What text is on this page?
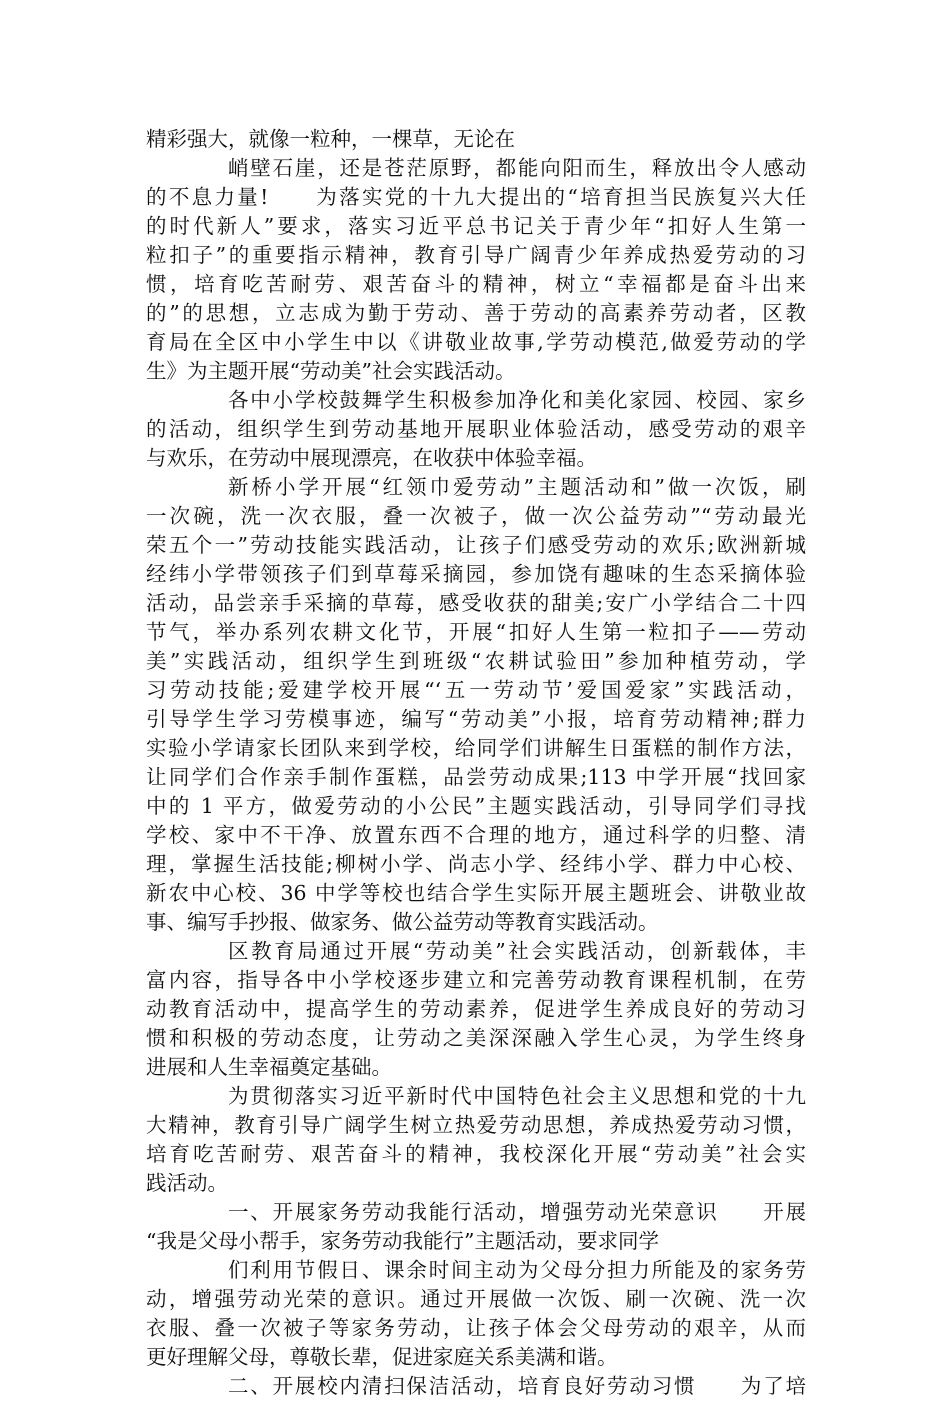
精彩强大，就像一粒种，一棵草，无论在
峭壁石崖，还是苍茫原野，都能向阳而生，释放出令人感动
的不息力量!　　为落实党的十九大提出的“培育担当民族复兴大任
的时代新人”要求，落实习近平总书记关于青少年“扣好人生第一
粒扣子”的重要指示精神，教育引导广阔青少年养成热爱劳动的习
惯，培育吃苦耐劳、艰苦奋斗的精神，树立“幸福都是奋斗出来
的”的思想，立志成为勤于劳动、善于劳动的高素养劳动者，区教
育局在全区中小学生中以《讲敬业故事,学劳动模范,做爱劳动的学
生》为主题开展“劳动美”社会实践活动。
各中小学校鼓舞学生积极参加净化和美化家园、校园、家乡
的活动，组织学生到劳动基地开展职业体验活动，感受劳动的艰辛
与欢乐，在劳动中展现漂亮，在收获中体验幸福。
新桥小学开展“红领巾爱劳动”主题活动和”做一次饭，刷
一次碗，洗一次衣服，叠一次被子，做一次公益劳动”“劳动最光
荣五个一”劳动技能实践活动，让孩子们感受劳动的欢乐;欧洲新城
经纬小学带领孩子们到草莓采摘园，参加饶有趣味的生态采摘体验
活动，品尝亲手采摘的草莓，感受收获的甜美;安广小学结合二十四
节气，举办系列农耕文化节，开展“扣好人生第一粒扣子——劳动
美”实践活动，组织学生到班级“农耕试验田”参加种植劳动，学
习劳动技能;爱建学校开展“‘五一劳动节’爱国爱家”实践活动，
引导学生学习劳模事迹，编写“劳动美”小报，培育劳动精神;群力
实验小学请家长团队来到学校，给同学们讲解生日蛋糕的制作方法，
让同学们合作亲手制作蛋糕，品尝劳动成果;113 中学开展“找回家
中的 1 平方，做爱劳动的小公民”主题实践活动，引导同学们寻找
学校、家中不干净、放置东西不合理的地方，通过科学的归整、清
理，掌握生活技能;柳树小学、尚志小学、经纬小学、群力中心校、
新农中心校、36 中学等校也结合学生实际开展主题班会、讲敬业故
事、编写手抄报、做家务、做公益劳动等教育实践活动。
区教育局通过开展“劳动美”社会实践活动，创新载体，丰
富内容，指导各中小学校逐步建立和完善劳动教育课程机制，在劳
动教育活动中，提高学生的劳动素养，促进学生养成良好的劳动习
惯和积极的劳动态度，让劳动之美深深融入学生心灵，为学生终身
进展和人生幸福奠定基础。
为贯彻落实习近平新时代中国特色社会主义思想和党的十九
大精神，教育引导广阔学生树立热爱劳动思想，养成热爱劳动习惯，
培育吃苦耐劳、艰苦奋斗的精神，我校深化开展“劳动美”社会实
践活动。
一、开展家务劳动我能行活动，增强劳动光荣意识　　开展
“我是父母小帮手，家务劳动我能行”主题活动，要求同学
们利用节假日、课余时间主动为父母分担力所能及的家务劳
动，增强劳动光荣的意识。通过开展做一次饭、刷一次碗、洗一次
衣服、叠一次被子等家务劳动，让孩子体会父母劳动的艰辛，从而
更好理解父母，尊敬长辈，促进家庭关系美满和谐。
二、开展校内清扫保洁活动，培育良好劳动习惯　　为了培
